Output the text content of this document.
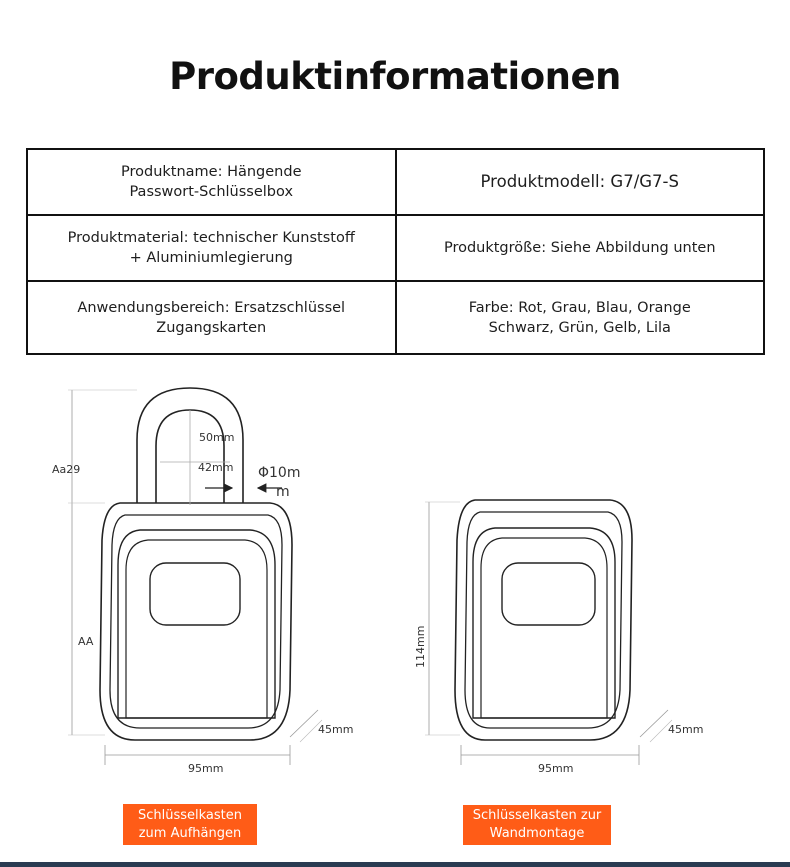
Produktinformationen
Produktname: Hängende
Passwort-Schlüsselbox	Produktmodell: G7/G7-S
Produktmaterial: technischer Kunststoff
+ Aluminiumlegierung	Produktgröße: Siehe Abbildung unten
Anwendungsbereich: Ersatzschlüssel
Zugangskarten	Farbe: Rot, Grau, Blau, Orange
Schwarz, Grün, Gelb, Lila
50mm
42mm Φ10m
m
Aa29
AA
45mm
95mm
114mm
45mm
95mm
Schlüsselkasten
zum Aufhängen
Schlüsselkasten zur
Wandmontage
